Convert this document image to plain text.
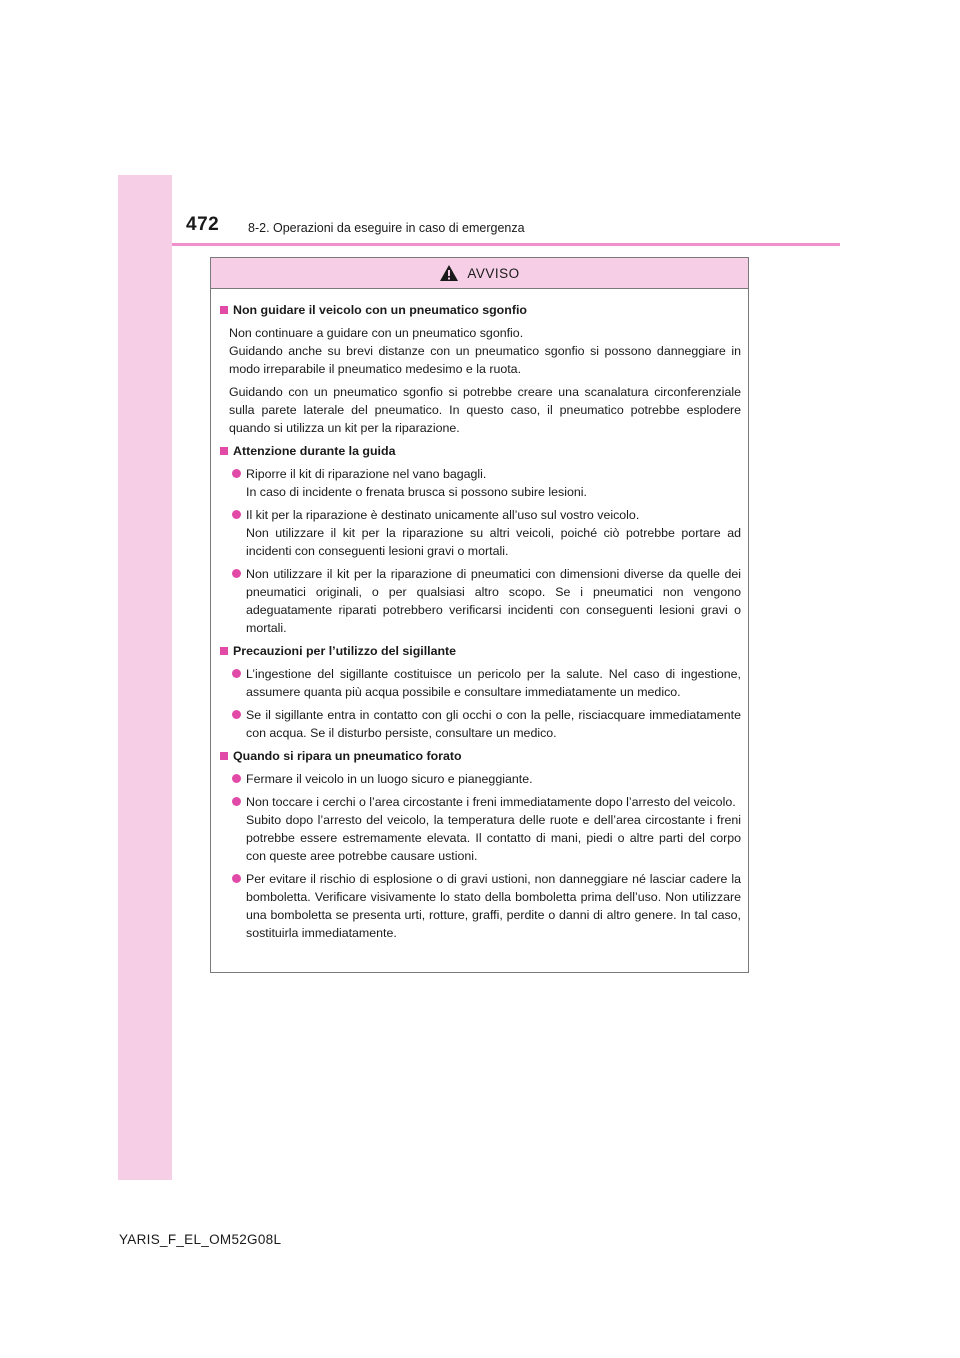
472 8-2. Operazioni da eseguire in caso di emergenza
AVVISO
Non guidare il veicolo con un pneumatico sgonfio
Non continuare a guidare con un pneumatico sgonfio.
Guidando anche su brevi distanze con un pneumatico sgonfio si possono danneggiare in modo irreparabile il pneumatico medesimo e la ruota.
Guidando con un pneumatico sgonfio si potrebbe creare una scanalatura circonferenziale sulla parete laterale del pneumatico. In questo caso, il pneumatico potrebbe esplodere quando si utilizza un kit per la riparazione.
Attenzione durante la guida
Riporre il kit di riparazione nel vano bagagli.
In caso di incidente o frenata brusca si possono subire lesioni.
Il kit per la riparazione è destinato unicamente all’uso sul vostro veicolo.
Non utilizzare il kit per la riparazione su altri veicoli, poiché ciò potrebbe portare ad incidenti con conseguenti lesioni gravi o mortali.
Non utilizzare il kit per la riparazione di pneumatici con dimensioni diverse da quelle dei pneumatici originali, o per qualsiasi altro scopo. Se i pneumatici non vengono adeguatamente riparati potrebbero verificarsi incidenti con conseguenti lesioni gravi o mortali.
Precauzioni per l’utilizzo del sigillante
L’ingestione del sigillante costituisce un pericolo per la salute. Nel caso di ingestione, assumere quanta più acqua possibile e consultare immediatamente un medico.
Se il sigillante entra in contatto con gli occhi o con la pelle, risciacquare immediatamente con acqua. Se il disturbo persiste, consultare un medico.
Quando si ripara un pneumatico forato
Fermare il veicolo in un luogo sicuro e pianeggiante.
Non toccare i cerchi o l’area circostante i freni immediatamente dopo l’arresto del veicolo.
Subito dopo l’arresto del veicolo, la temperatura delle ruote e dell’area circostante i freni potrebbe essere estremamente elevata. Il contatto di mani, piedi o altre parti del corpo con queste aree potrebbe causare ustioni.
Per evitare il rischio di esplosione o di gravi ustioni, non danneggiare né lasciar cadere la bomboletta. Verificare visivamente lo stato della bomboletta prima dell’uso. Non utilizzare una bomboletta se presenta urti, rotture, graffi, perdite o danni di altro genere. In tal caso, sostituirla immediatamente.
YARIS_F_EL_OM52G08L
